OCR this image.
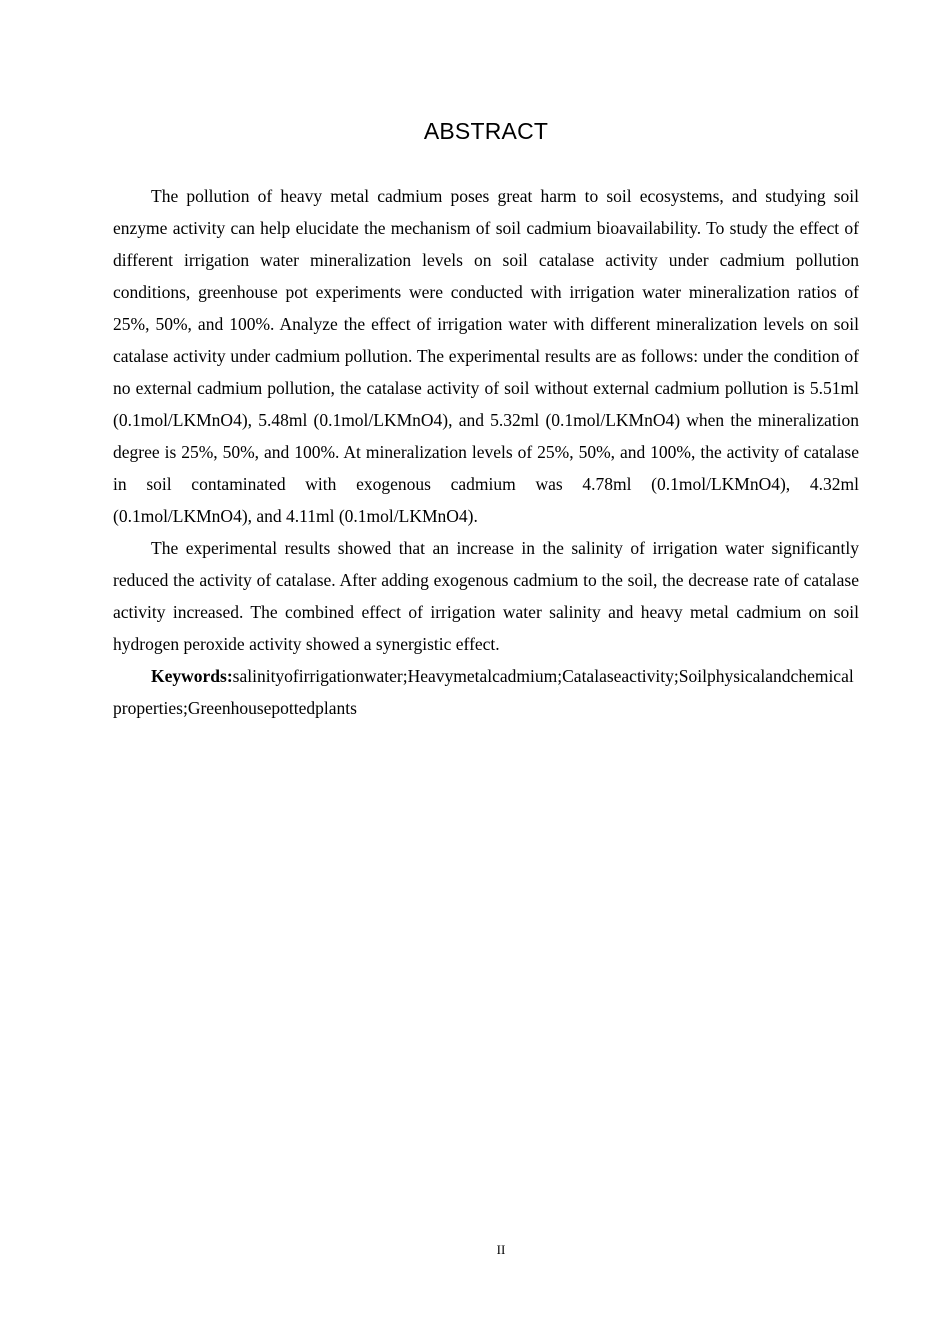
ABSTRACT

The pollution of heavy metal cadmium poses great harm to soil ecosystems, and studying soil enzyme activity can help elucidate the mechanism of soil cadmium bioavailability. To study the effect of different irrigation water mineralization levels on soil catalase activity under cadmium pollution conditions, greenhouse pot experiments were conducted with irrigation water mineralization ratios of 25%, 50%, and 100%. Analyze the effect of irrigation water with different mineralization levels on soil catalase activity under cadmium pollution. The experimental results are as follows: under the condition of no external cadmium pollution, the catalase activity of soil without external cadmium pollution is 5.51ml (0.1mol/LKMnO4), 5.48ml (0.1mol/LKMnO4), and 5.32ml (0.1mol/LKMnO4) when the mineralization degree is 25%, 50%, and 100%. At mineralization levels of 25%, 50%, and 100%, the activity of catalase in soil contaminated with exogenous cadmium was 4.78ml (0.1mol/LKMnO4), 4.32ml (0.1mol/LKMnO4), and 4.11ml (0.1mol/LKMnO4).

The experimental results showed that an increase in the salinity of irrigation water significantly reduced the activity of catalase. After adding exogenous cadmium to the soil, the decrease rate of catalase activity increased. The combined effect of irrigation water salinity and heavy metal cadmium on soil hydrogen peroxide activity showed a synergistic effect.

Keywords:salinityofirrigationwater;Heavymetalcadmium;Catalaseactivity;Soilphysicalandchemicalproperties;Greenhousepottedplants

II
